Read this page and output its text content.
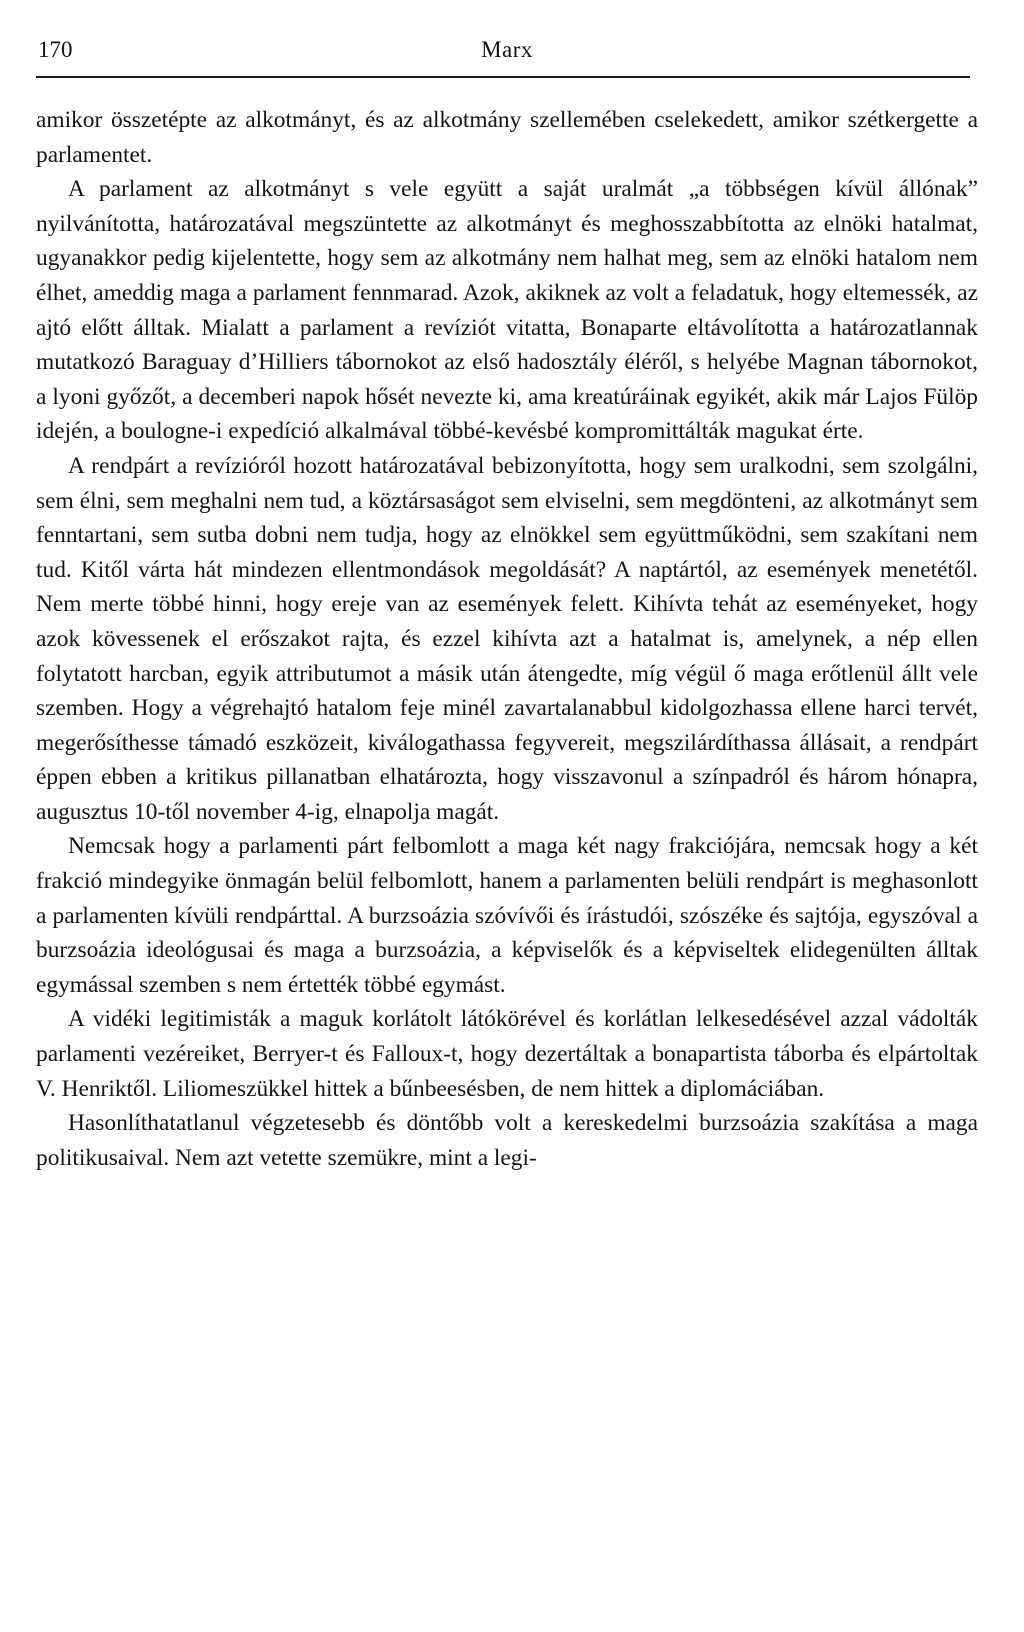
170	Marx

amikor összetépte az alkotmányt, és az alkotmány szellemében cselekedett, amikor szétkergette a parlamentet.

A parlament az alkotmányt s vele együtt a saját uralmát „a többségen kívül állónak” nyilvánította, határozatával megszüntette az alkotmányt és meghosszabbította az elnöki hatalmat, ugyanakkor pedig kijelentette, hogy sem az alkotmány nem halhat meg, sem az elnöki hatalom nem élhet, ameddig maga a parlament fennmarad. Azok, akiknek az volt a feladatuk, hogy eltemessék, az ajtó előtt álltak. Mialatt a parlament a revíziót vitatta, Bonaparte eltávolította a határozatlannak mutatkozó Baraguay d’Hilliers tábornokot az első hadosztály éléről, s helyébe Magnan tábornokot, a lyoni győzőt, a decemberi napok hősét nevezte ki, ama kreatúráinak egyikét, akik már Lajos Fülöp idején, a boulogne-i expedíció alkalmával többé-kevésbé kompromittálták magukat érte.

A rendpárt a revízióról hozott határozatával bebizonyította, hogy sem uralkodni, sem szolgálni, sem élni, sem meghalni nem tud, a köztársaságot sem elviselni, sem megdönteni, az alkotmányt sem fenntartani, sem sutba dobni nem tudja, hogy az elnökkel sem együttműködni, sem szakítani nem tud. Kitől várta hát mindezen ellentmondások megoldását? A naptártól, az események menetétől. Nem merte többé hinni, hogy ereje van az események felett. Kihívta tehát az eseményeket, hogy azok kövessenek el erőszakot rajta, és ezzel kihívta azt a hatalmat is, amelynek, a nép ellen folytatott harcban, egyik attributumot a másik után átengedte, míg végül ő maga erőtlenül állt vele szemben. Hogy a végrehajtó hatalom feje minél zavartalanabbul kidolgozhassa ellene harci tervét, megerősíthesse támadó eszközeit, kiválogathassa fegyvereit, megszilárdíthassa állásait, a rendpárt éppen ebben a kritikus pillanatban elhatározta, hogy visszavonul a színpadról és három hónapra, augusztus 10-től november 4-ig, elnapolja magát.

Nemcsak hogy a parlamenti párt felbomlott a maga két nagy frakciójára, nemcsak hogy a két frakció mindegyike önmagán belül felbomlott, hanem a parlamenten belüli rendpárt is meghasonlott a parlamenten kívüli rendpárttal. A burzsoázia szóvívői és írástudói, szószéke és sajtója, egyszóval a burzsoázia ideológusai és maga a burzsoázia, a képviselők és a képviseltek elidegenülten álltak egymással szemben s nem értették többé egymást.

A vidéki legitimisták a maguk korlátolt látókörével és korlátlan lelkesedésével azzal vádolták parlamenti vezéreiket, Berryer-t és Falloux-t, hogy dezertáltak a bonapartista táborba és elpártoltak V. Henriktől. Liliomeszükkel hittek a bűnbeesésben, de nem hittek a diplomáciában.

Hasonlíthatatlanul végzetesebb és döntőbb volt a kereskedelmi burzsoázia szakítása a maga politikusaival. Nem azt vetette szemükre, mint a legi-
